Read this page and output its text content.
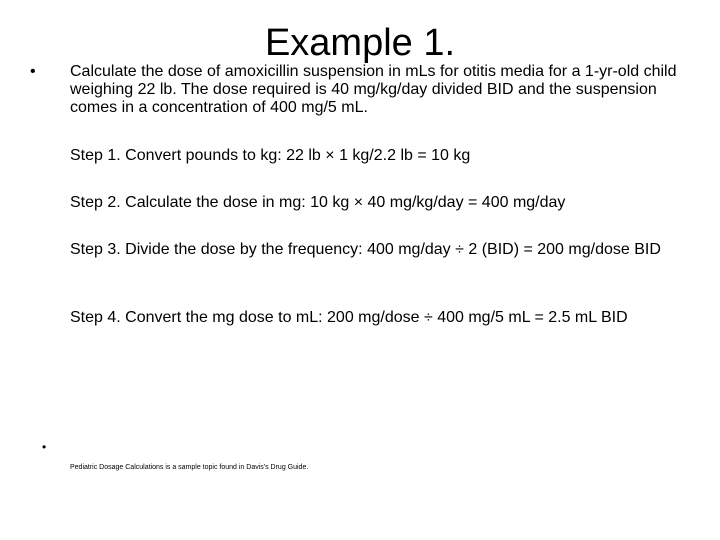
Example 1.
• Calculate the dose of amoxicillin suspension in mLs for otitis media for a 1-yr-old child weighing 22 lb. The dose required is 40 mg/kg/day divided BID and the suspension comes in a concentration of 400 mg/5 mL.
Step 1. Convert pounds to kg: 22 lb × 1 kg/2.2 lb = 10 kg
Step 2. Calculate the dose in mg: 10 kg × 40 mg/kg/day = 400 mg/day
Step 3. Divide the dose by the frequency: 400 mg/day ÷ 2 (BID) = 200 mg/dose BID
Step 4. Convert the mg dose to mL: 200 mg/dose ÷ 400 mg/5 mL = 2.5 mL BID
•
Pediatric Dosage Calculations is a sample topic found in Davis's Drug Guide.
